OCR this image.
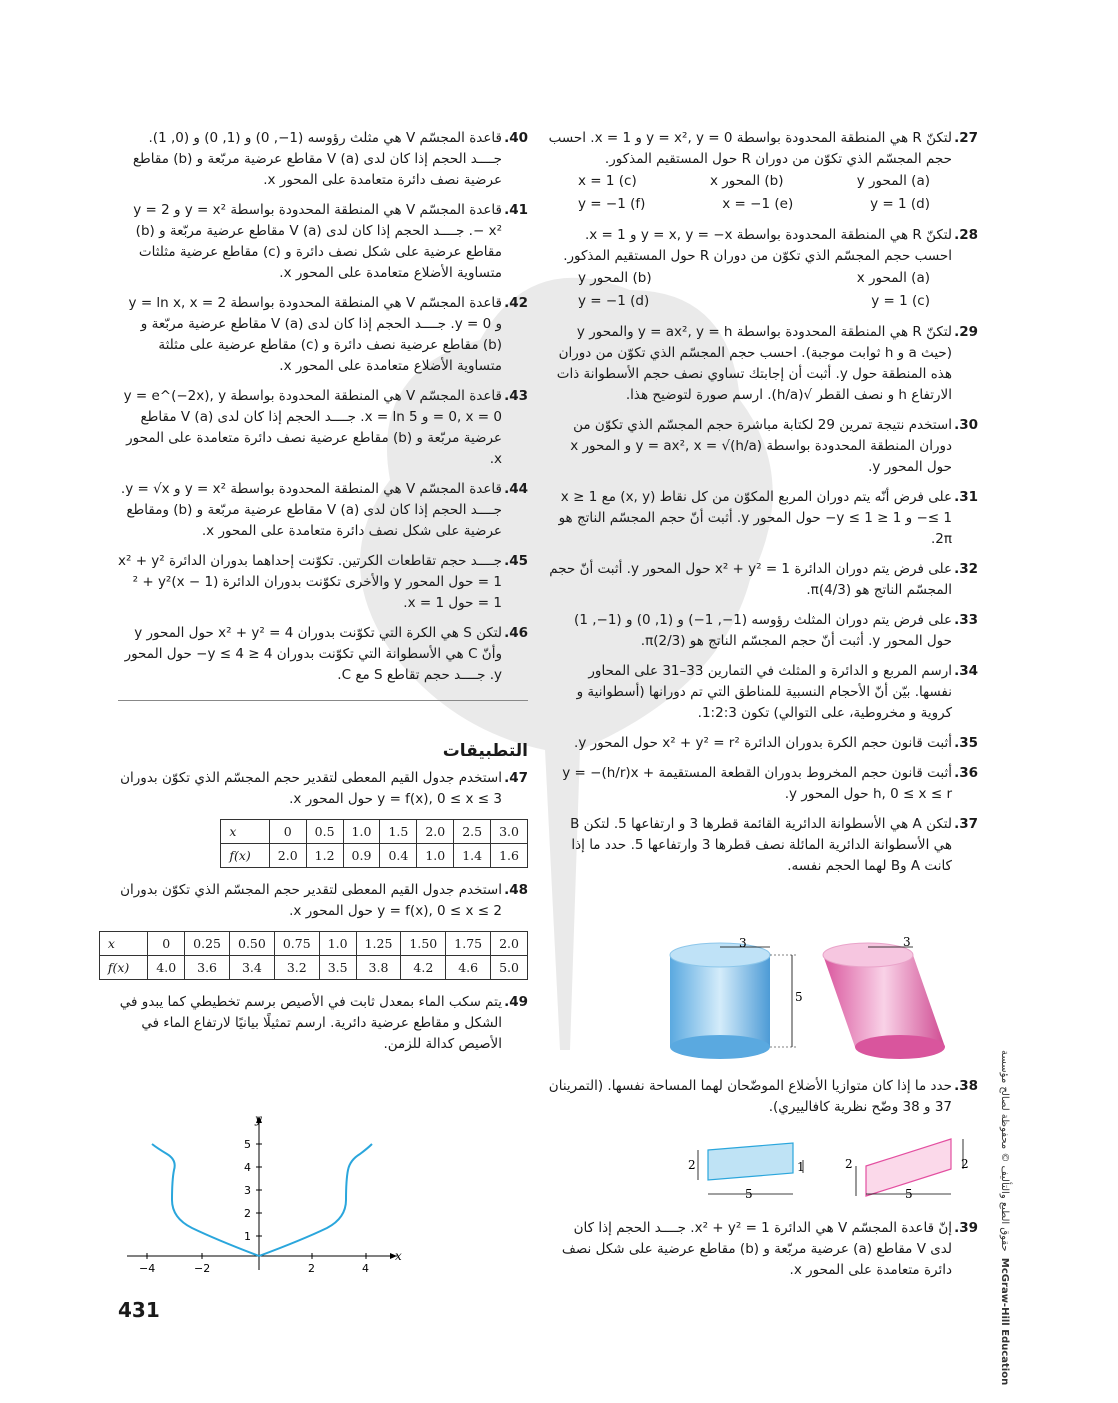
McGraw-Hill Education  حقوق الطبع والتأليف © محفوظة لصالح مؤسسة
27.
لتكنّ R هي المنطقة المحدودة بواسطة y = x², y = 0 و x = 1. احسب حجم المجسّم الذي تكوّن من دوران R حول المستقيم المذكور.
(a) المحور y
(b) المحور x
(c) x = 1
(d) y = 1
(e) x = −1
(f) y = −1
28.
لتكنّ R هي المنطقة المحدودة بواسطة y = x, y = −x و x = 1. احسب حجم المجسّم الذي تكوّن من دوران R حول المستقيم المذكور.
(a) المحور x
(b) المحور y
(c) y = 1
(d) y = −1
29.
لتكنّ R هي المنطقة المحدودة بواسطة y = ax², y = h والمحور y (حيث a و h ثوابت موجبة). احسب حجم المجسّم الذي تكوّن من دوران هذه المنطقة حول y. أثبت أن إجابتك تساوي نصف حجم الأسطوانة ذات الارتفاع h و نصف القطر √(h/a). ارسم صورة لتوضيح هذا.
30.
استخدم نتيجة تمرين 29 لكتابة مباشرة حجم المجسّم الذي تكوّن من دوران المنطقة المحدودة بواسطة y = ax², x = √(h/a) و المحور x حول المحور y.
31.
على فرض أنّه يتم دوران المربع المكوّن من كل نقاط (x, y) مع 1 ≤ x ≤ 1− و 1 ≤ y ≤ 1− حول المحور y. أثبت أنّ حجم المجسّم الناتج هو 2π.
32.
على فرض يتم دوران الدائرة x² + y² = 1 حول المحور y. أثبت أنّ حجم المجسّم الناتج هو (4/3)π.
33.
على فرض يتم دوران المثلث رؤوسه (1−, 1−) و (1, 0) و (1−, 1) حول المحور y. أثبت أنّ حجم المجسّم الناتج هو (2/3)π.
34.
ارسم المربع و الدائرة و المثلث في التمارين 33–31 على المحاور نفسها. بيّن أنّ الأحجام النسبية للمناطق التي تم دورانها (أسطوانية و كروية و مخروطية، على التوالي) تكون 1:2:3.
35.
أثبت قانون حجم الكرة بدوران الدائرة x² + y² = r² حول المحور y.
36.
أثبت قانون حجم المخروط بدوران القطعة المستقيمة y = −(h/r)x + h, 0 ≤ x ≤ r حول المحور y.
37.
لتكن A هي الأسطوانة الدائرية القائمة قطرها 3 و ارتفاعها 5. لتكن B هي الأسطوانة الدائرية المائلة نصف قطرها 3 وارتفاعها 5. حدد ما إذا كانت A وB لهما الحجم نفسه.
38.
حدد ما إذا كان متوازيا الأضلاع الموضّحان لهما المساحة نفسها. (التمرينان 37 و 38 وضّح نظرية كافالييري).
39.
إنّ قاعدة المجسّم V هي الدائرة x² + y² = 1. جــــد الحجم إذا كان لدى V مقاطع (a) عرضية مربّعة و (b) مقاطع عرضية على شكل نصف دائرة متعامدة على المحور x.
3
5
3
2	1
5
2	2
5
40.
قاعدة المجسّم V هي مثلث رؤوسه (1−, 0) و (1, 0) و (0, 1). جــــد الحجم إذا كان لدى V (a) مقاطع عرضية مربّعة و (b) مقاطع عرضية نصف دائرة متعامدة على المحور x.
41.
قاعدة المجسّم V هي المنطقة المحدودة بواسطة y = x² و y = 2 − x². جــــد الحجم إذا كان لدى V (a) مقاطع عرضية مربّعة و (b) مقاطع عرضية على شكل نصف دائرة و (c) مقاطع عرضية مثلثات متساوية الأضلاع متعامدة على المحور x.
42.
قاعدة المجسّم V هي المنطقة المحدودة بواسطة y = ln x, x = 2 و y = 0. جــــد الحجم إذا كان لدى V (a) مقاطع عرضية مربّعة و (b) مقاطع عرضية نصف دائرة و (c) مقاطع عرضية على مثلثة متساوية الأضلاع متعامدة على المحور x.
43.
قاعدة المجسّم V هي المنطقة المحدودة بواسطة y = e^(−2x), y = 0, x = 0 و x = ln 5. جــــد الحجم إذا كان لدى V (a) مقاطع عرضية مربّعة و (b) مقاطع عرضية نصف دائرة متعامدة على المحور x.
44.
قاعدة المجسّم V هي المنطقة المحدودة بواسطة y = x² و y = √x. جــــد الحجم إذا كان لدى V (a) مقاطع عرضية مربّعة و (b) ومقاطع عرضية على شكل نصف دائرة متعامدة على المحور x.
45.
جــــد حجم تقاطعات الكرتين. تكوّنت إحداهما بدوران الدائرة x² + y² = 1 حول المحور y والأخرى تكوّنت بدوران الدائرة (x − 1)² + y² = 1 حول x = 1.
46.
لتكن S هي الكرة التي تكوّنت بدوران x² + y² = 4 حول المحور y وأنّ C هي الأسطوانة التي تكوّنت بدوران 4 ≤ y ≤ 4− حول المحور y. جــــد حجم تقاطع S مع C.
التطبيقات
47.
استخدم جدول القيم المعطى لتقدير حجم المجسّم الذي تكوّن بدوران y = f(x), 0 ≤ x ≤ 3 حول المحور x.
x	0	0.5	1.0	1.5	2.0	2.5	3.0
f(x)	2.0	1.2	0.9	0.4	1.0	1.4	1.6
48.
استخدم جدول القيم المعطى لتقدير حجم المجسّم الذي تكوّن بدوران y = f(x), 0 ≤ x ≤ 2 حول المحور x.
x	0	0.25	0.50	0.75	1.0	1.25	1.50	1.75	2.0
f(x)	4.0	3.6	3.4	3.2	3.5	3.8	4.2	4.6	5.0
49.
يتم سكب الماء بمعدل ثابت في الأصيص برسم تخطيطي كما يبدو في الشكل و مقاطع عرضية دائرية. ارسم تمثيلًا بيانيًا لارتفاع الماء في الأصيص كدالة للزمن.
x
y
−4	−2	2	4
1
2
3
4
5
431
